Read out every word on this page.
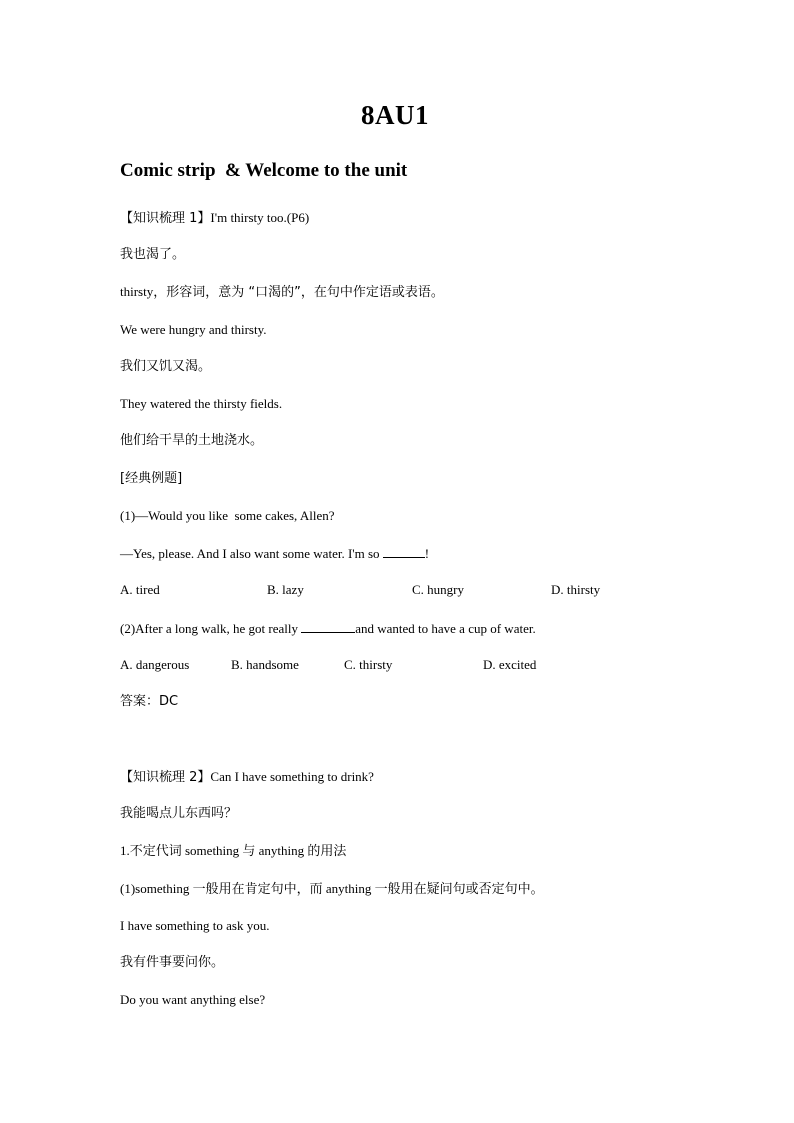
8AU1
Comic strip  & Welcome to the unit
【知识梳理 1】I'm thirsty too.(P6)
我也渴了。
thirsty，形容词，意为 “口渴的”，在句中作定语或表语。
We were hungry and thirsty.
我们又饥又渴。
They watered the thirsty fields.
他们给干旱的土地浇水。
[经典例题]
(1)—Would you like  some cakes, Allen?
—Yes, please. And I also want some water. I'm so	!
A. tired	B. lazy	C. hungry	D. thirsty
(2)After a long walk, he got really	and wanted to have a cup of water.
A. dangerous	B. handsome	C. thirsty	D. excited
答案：DC
【知识梳理 2】Can I have something to drink?
我能喝点儿东西吗？
1.不定代词 something 与 anything 的用法
(1)something 一般用在肯定句中，而 anything 一般用在疑问句或否定句中。
I have something to ask you.
我有件事要问你。
Do you want anything else?
